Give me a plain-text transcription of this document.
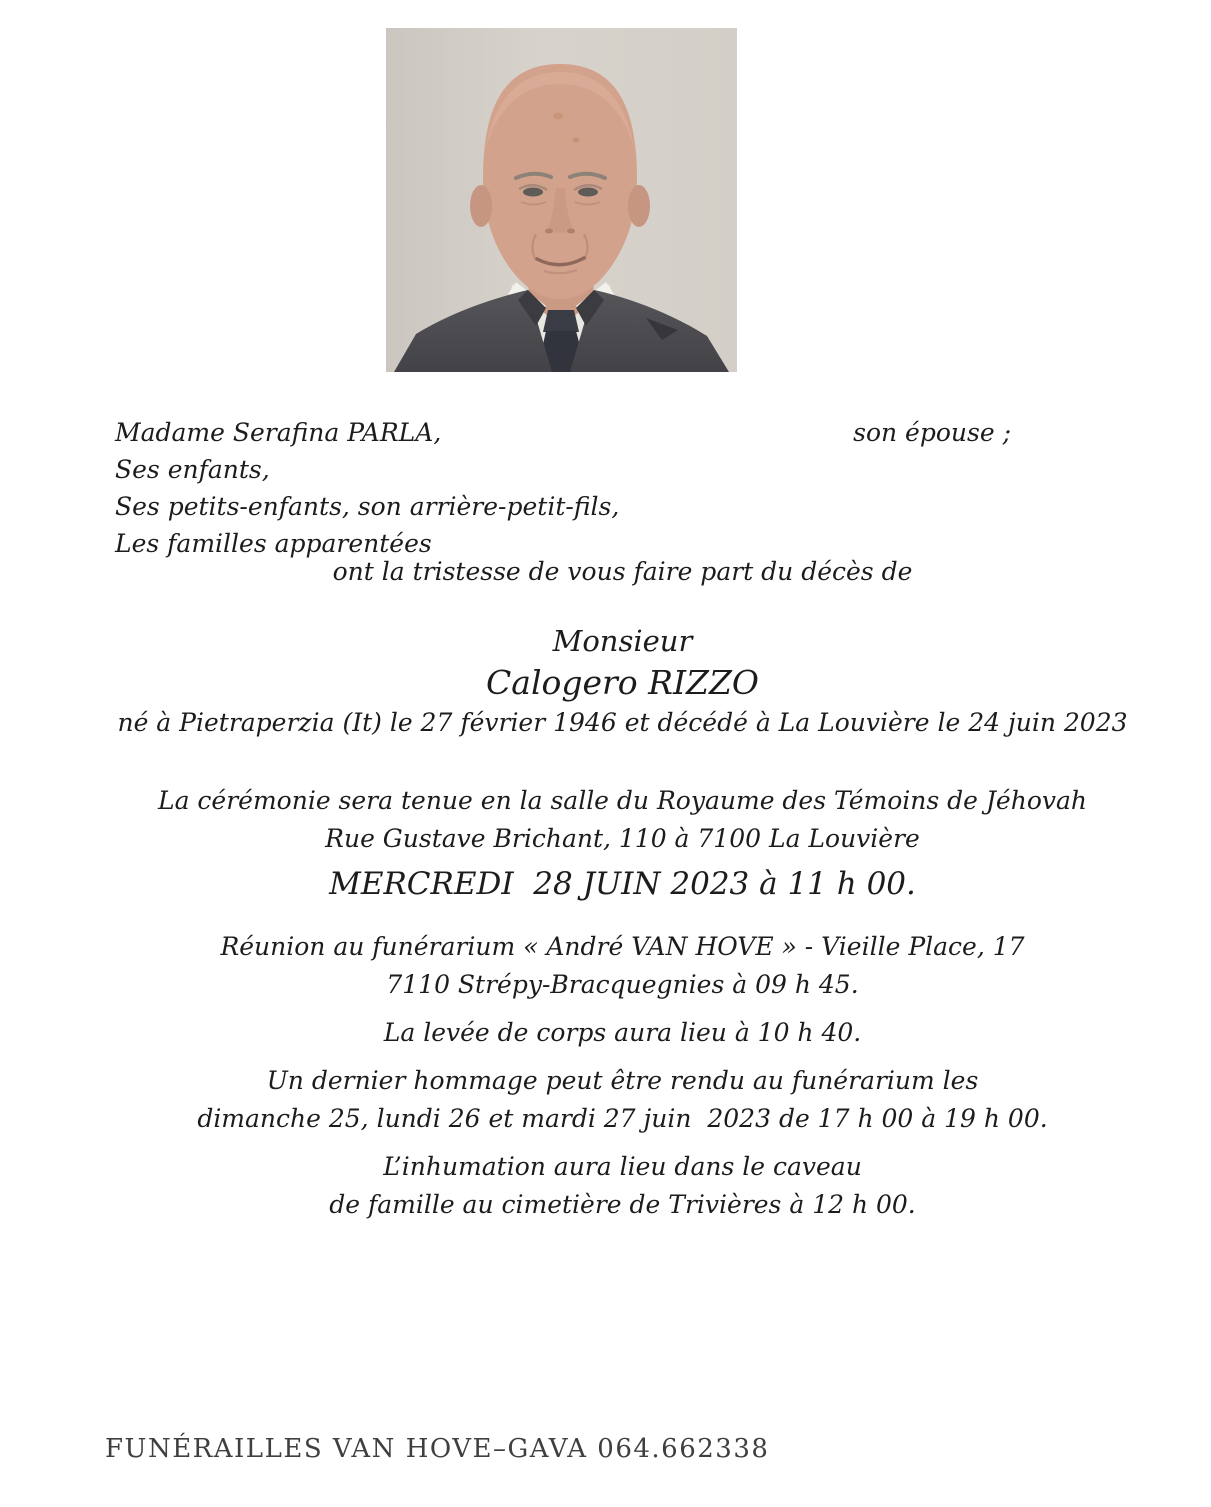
Madame Serafina PARLA,	son épouse ;
Ses enfants,
Ses petits-enfants, son arrière-petit-fils,
Les familles apparentées
ont la tristesse de vous faire part du décès de
Monsieur
Calogero RIZZO
né à Pietraperzia (It) le 27 février 1946 et décédé à La Louvière le 24 juin 2023
La cérémonie sera tenue en la salle du Royaume des Témoins de Jéhovah
Rue Gustave Brichant, 110 à 7100 La Louvière
MERCREDI  28 JUIN 2023 à 11 h 00.
Réunion au funérarium « André VAN HOVE » - Vieille Place, 17
7110 Strépy-Bracquegnies à 09 h 45.
La levée de corps aura lieu à 10 h 40.
Un dernier hommage peut être rendu au funérarium les
dimanche 25, lundi 26 et mardi 27 juin  2023 de 17 h 00 à 19 h 00.
L’inhumation aura lieu dans le caveau
de famille au cimetière de Trivières à 12 h 00.
FUNÉRAILLES VAN HOVE–GAVA 064.662338
